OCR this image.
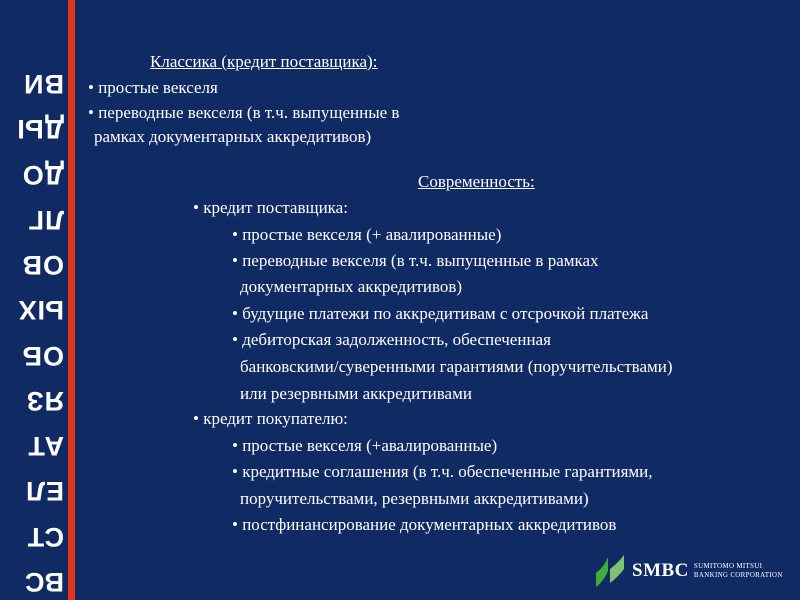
ВС
СТ
ЕЛ
АТ
ЯЗ
ОБ
ЫХ
ОВ
ЛГ
ДО
ДЫ
ВИ
Классика (кредит поставщика):
• простые векселя
• переводные векселя (в т.ч. выпущенные в
рамках документарных аккредитивов)
Современность:
• кредит поставщика:
• простые векселя (+ авалированные)
• переводные векселя (в т.ч. выпущенные в рамках
документарных аккредитивов)
• будущие платежи по аккредитивам с отсрочкой платежа
• дебиторская задолженность, обеспеченная
банковскими/суверенными гарантиями (поручительствами)
или резервными аккредитивами
• кредит покупателю:
• простые векселя (+авалированные)
• кредитные соглашения (в т.ч. обеспеченные гарантиями,
поручительствами, резервными аккредитивами)
• постфинансирование документарных аккредитивов
SMBC SUMITOMO MITSUI
BANKING CORPORATION
